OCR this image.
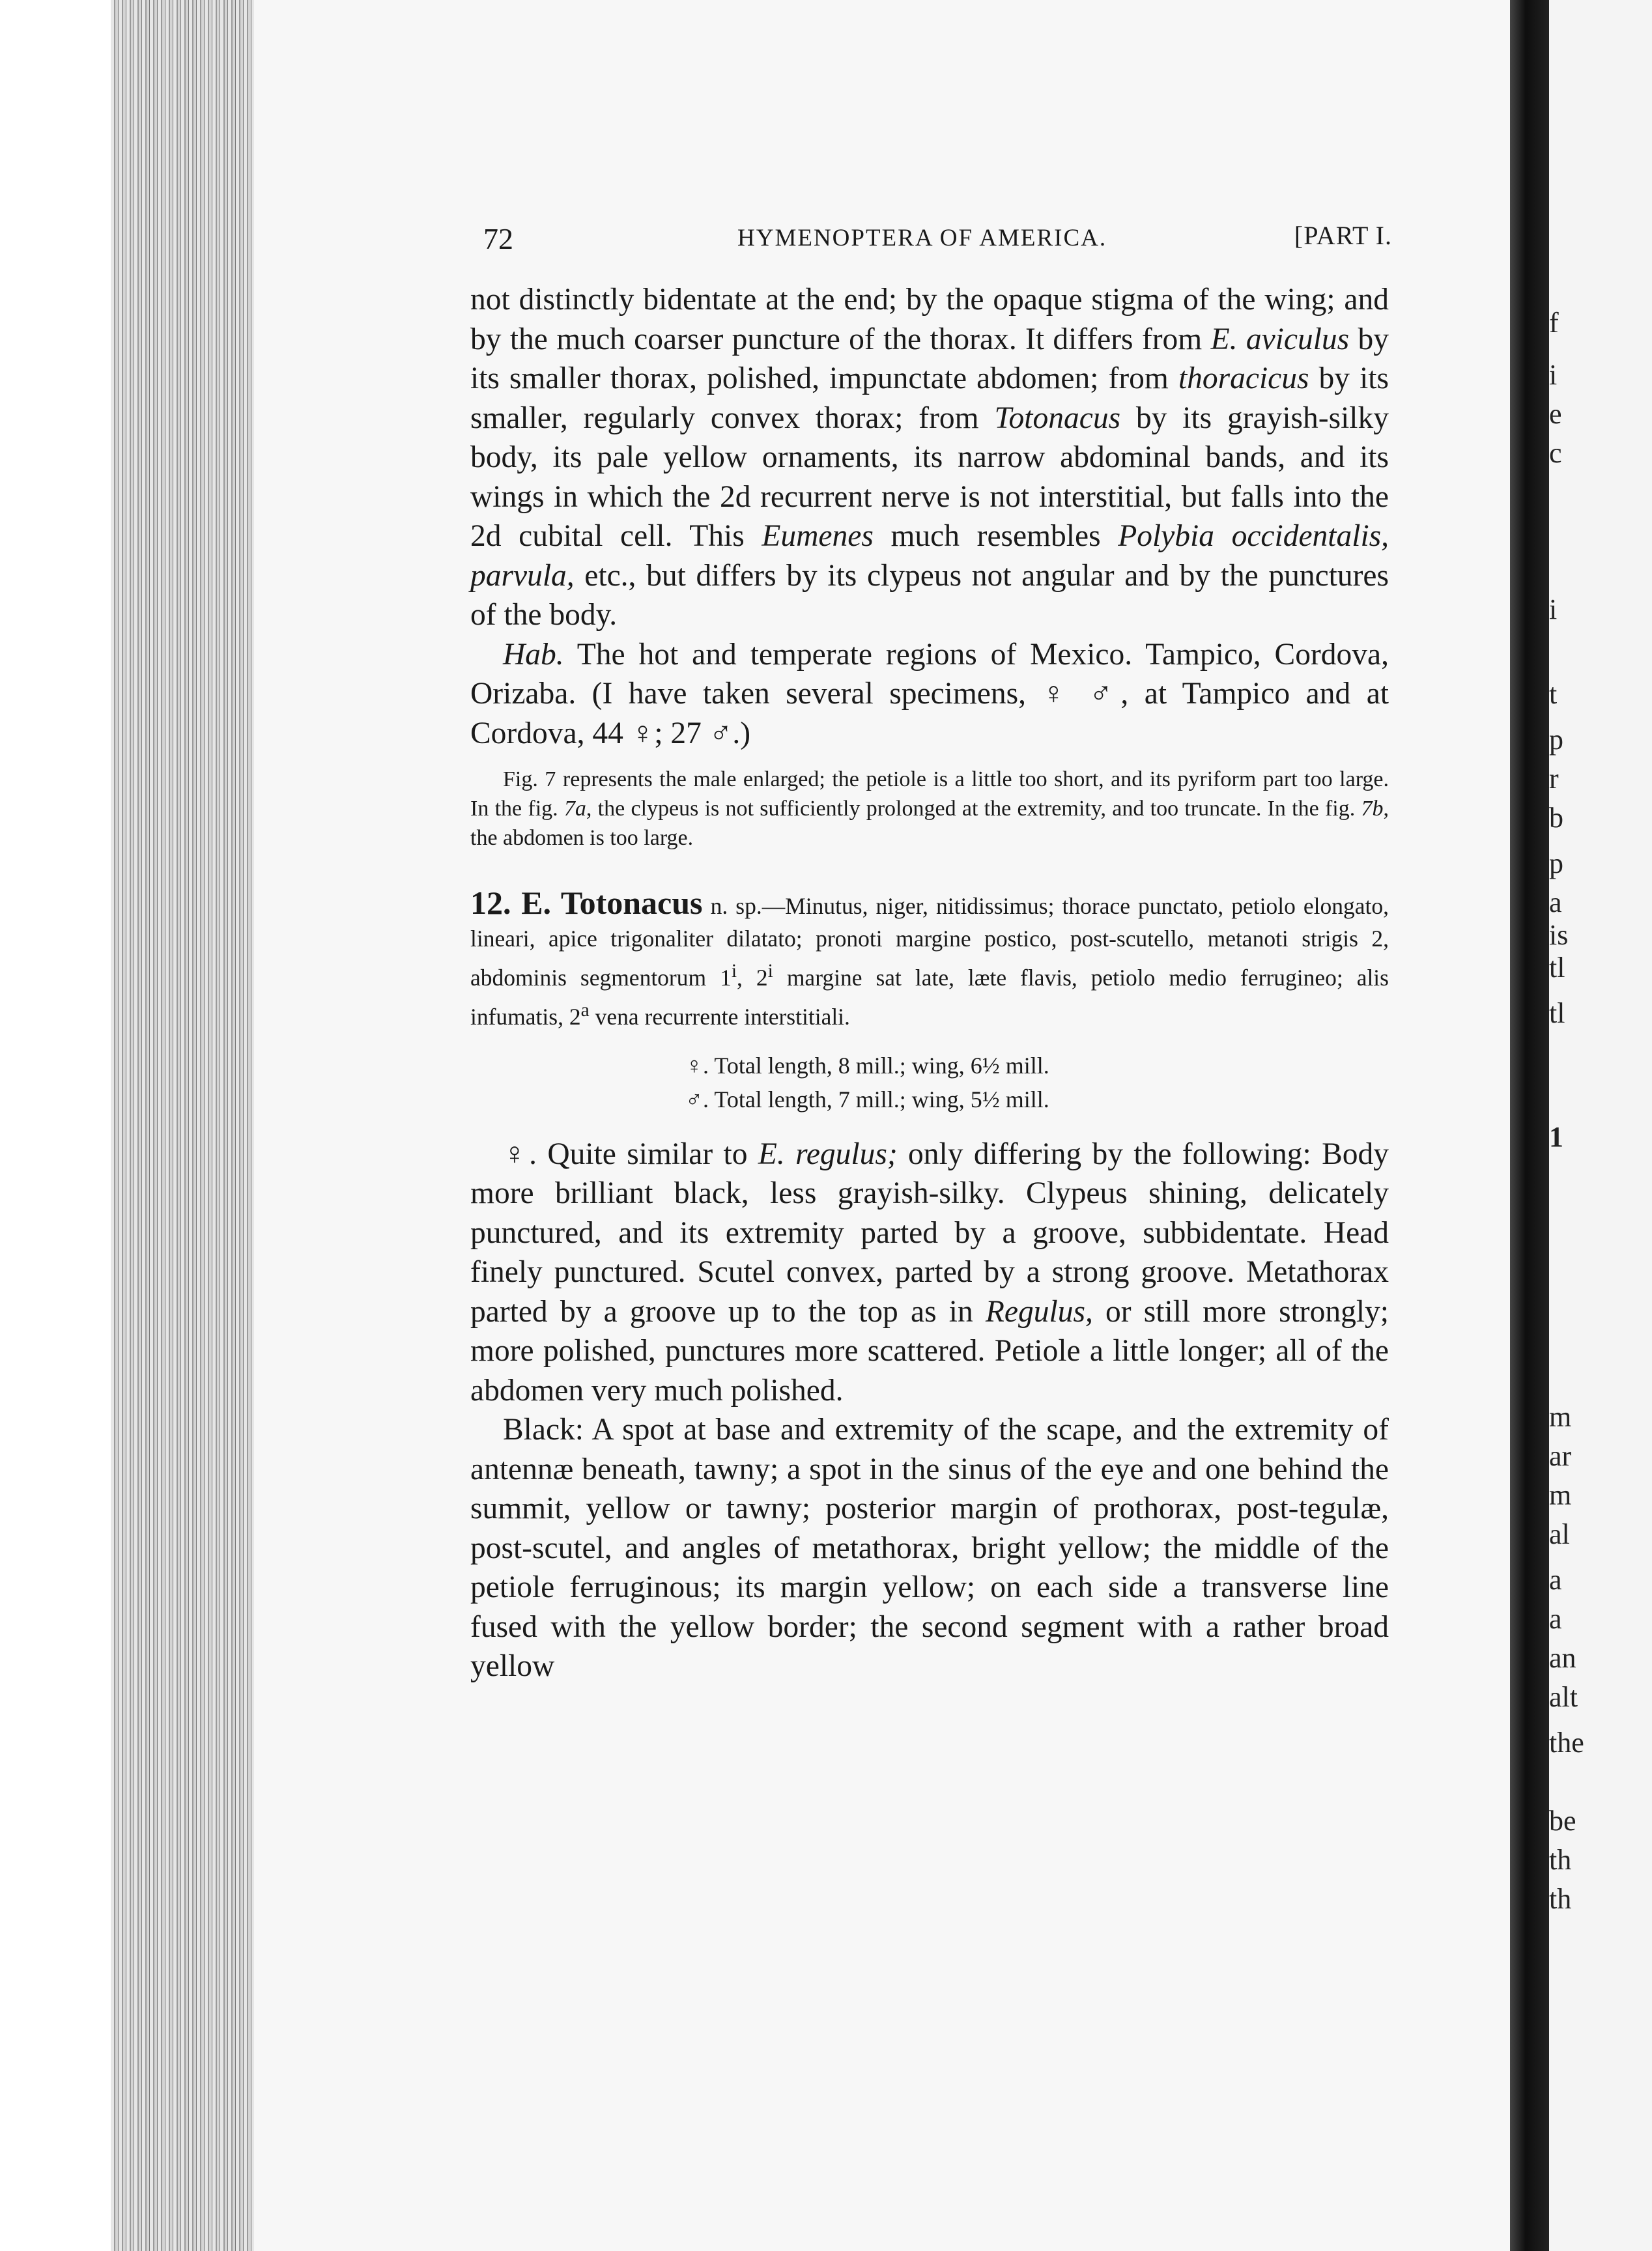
f
i
e
c
i
t
p
r
b
p
a
is
tl
tl
1
m
ar
m
al
a
a
an
alt
the
be
th
th
72	HYMENOPTERA OF AMERICA.	[PART I.

not distinctly bidentate at the end; by the opaque stigma of the wing; and by the much coarser puncture of the thorax. It differs from E. aviculus by its smaller thorax, polished, impunctate abdomen; from thoracicus by its smaller, regularly convex thorax; from Totonacus by its grayish-silky body, its pale yellow ornaments, its narrow abdominal bands, and its wings in which the 2d recurrent nerve is not interstitial, but falls into the 2d cubital cell. This Eumenes much resembles Polybia occidentalis, parvula, etc., but differs by its clypeus not angular and by the punctures of the body.

Hab. The hot and temperate regions of Mexico. Tampico, Cordova, Orizaba. (I have taken several specimens, ♀ ♂, at Tampico and at Cordova, 44 ♀; 27 ♂.)

Fig. 7 represents the male enlarged; the petiole is a little too short, and its pyriform part too large. In the fig. 7a, the clypeus is not sufficiently prolonged at the extremity, and too truncate. In the fig. 7b, the abdomen is too large.

12. E. Totonacus n. sp.—Minutus, niger, nitidissimus; thorace punctato, petiolo elongato, lineari, apice trigonaliter dilatato; pronoti margine postico, post-scutello, metanoti strigis 2, abdominis segmentorum 1$^i$, 2$^i$ margine sat late, læte flavis, petiolo medio ferrugineo; alis infumatis, 2$^a$ vena recurrente interstitiali.

♀. Total length, 8 mill.; wing, 6½ mill.

♂. Total length, 7 mill.; wing, 5½ mill.

♀. Quite similar to E. regulus; only differing by the following: Body more brilliant black, less grayish-silky. Clypeus shining, delicately punctured, and its extremity parted by a groove, subbidentate. Head finely punctured. Scutel convex, parted by a strong groove. Metathorax parted by a groove up to the top as in Regulus, or still more strongly; more polished, punctures more scattered. Petiole a little longer; all of the abdomen very much polished.

Black: A spot at base and extremity of the scape, and the extremity of antennæ beneath, tawny; a spot in the sinus of the eye and one behind the summit, yellow or tawny; posterior margin of prothorax, post-tegulæ, post-scutel, and angles of metathorax, bright yellow; the middle of the petiole ferruginous; its margin yellow; on each side a transverse line fused with the yellow border; the second segment with a rather broad yellow
